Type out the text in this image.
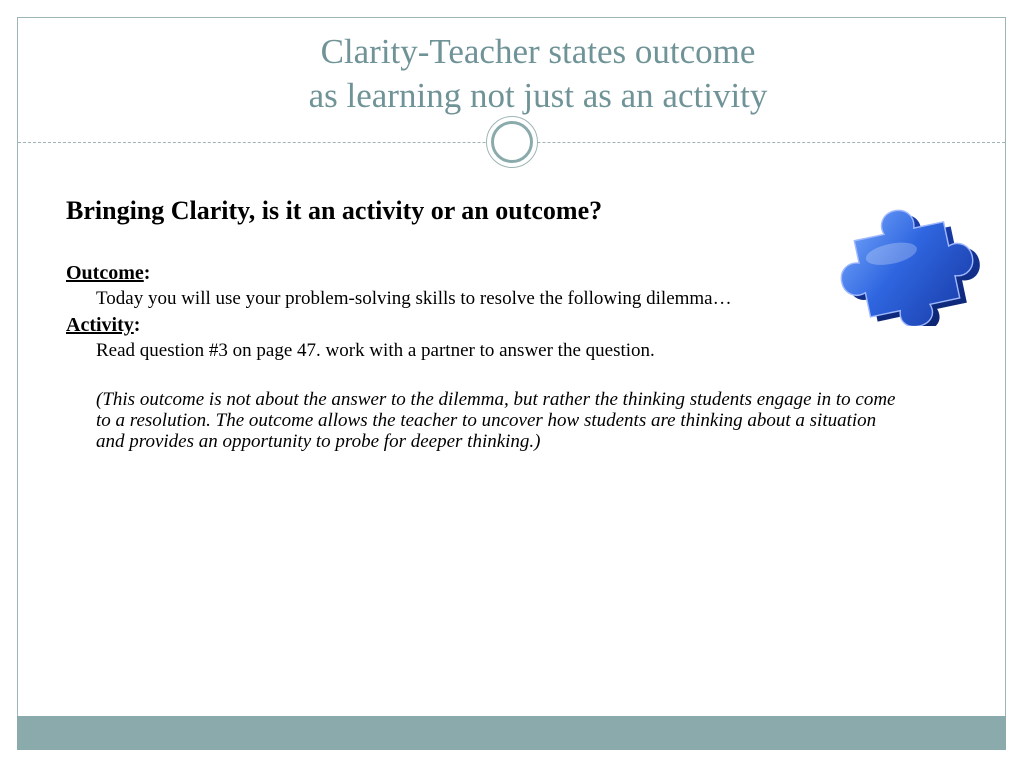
Clarity-Teacher states outcome
as learning not just as an activity

Bringing Clarity, is it an activity or an outcome?

Outcome:

Today you will use your problem-solving skills to resolve the following dilemma…

Activity:

Read question #3 on page 47. work with a partner to answer the question.

(This outcome is not about the answer to the dilemma, but rather the thinking students engage in to come to a resolution. The outcome allows the teacher to uncover how students are thinking about a situation and provides an opportunity to probe for deeper thinking.)
